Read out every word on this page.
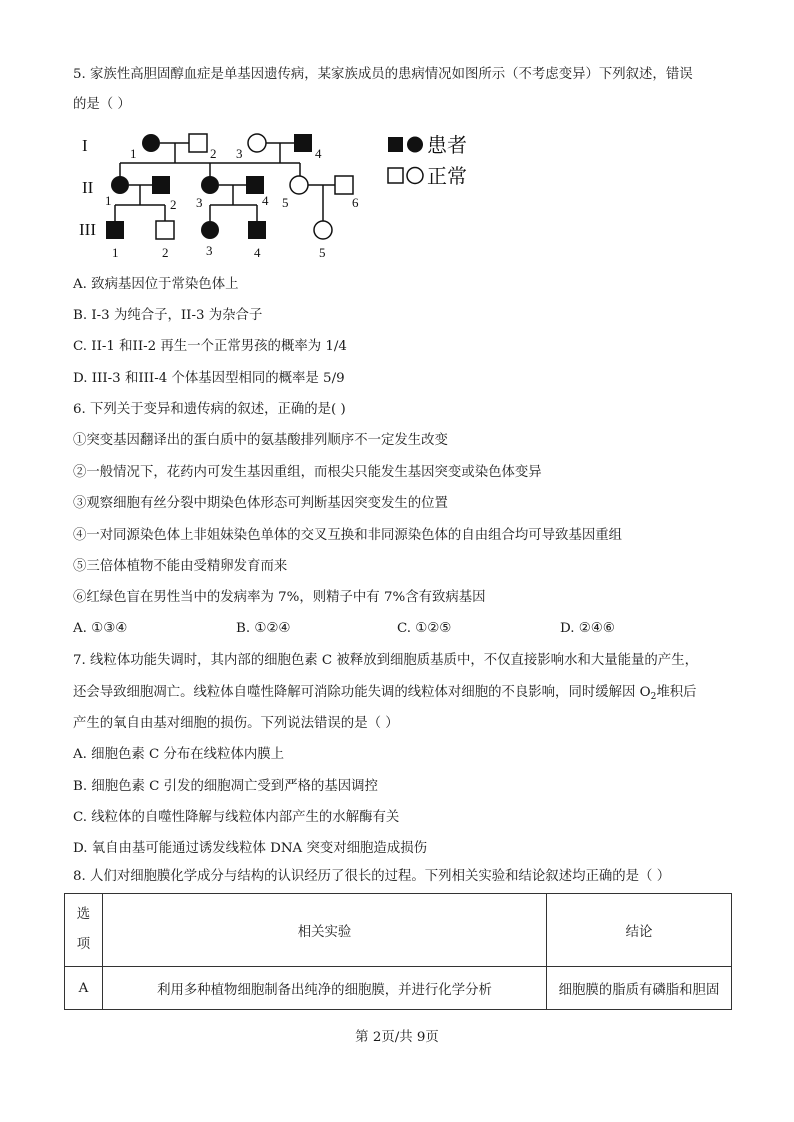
5. 家族性高胆固醇血症是单基因遗传病，某家族成员的患病情况如图所示（不考虑变异）下列叙述，错误
的是（ ）
I
II
III
1	2 3	4
1	2 3	4 5	6
1	2	3	4	5
患者
正常
A. 致病基因位于常染色体上
B. I-3 为纯合子，II-3 为杂合子
C. II-1 和II-2 再生一个正常男孩的概率为 1/4
D. III-3 和III-4 个体基因型相同的概率是 5/9
6. 下列关于变异和遗传病的叙述，正确的是( )
①突变基因翻译出的蛋白质中的氨基酸排列顺序不一定发生改变
②一般情况下，花药内可发生基因重组，而根尖只能发生基因突变或染色体变异
③观察细胞有丝分裂中期染色体形态可判断基因突变发生的位置
④一对同源染色体上非姐妹染色单体的交叉互换和非同源染色体的自由组合均可导致基因重组
⑤三倍体植物不能由受精卵发育而来
⑥红绿色盲在男性当中的发病率为 7%，则精子中有 7%含有致病基因
A. ①③④	B. ①②④	C. ①②⑤	D. ②④⑥
7. 线粒体功能失调时，其内部的细胞色素 C 被释放到细胞质基质中，不仅直接影响水和大量能量的产生，
还会导致细胞凋亡。线粒体自噬性降解可消除功能失调的线粒体对细胞的不良影响，同时缓解因 $O_2$堆积后
产生的氧自由基对细胞的损伤。下列说法错误的是（ ）
A. 细胞色素 C 分布在线粒体内膜上
B. 细胞色素 C 引发的细胞凋亡受到严格的基因调控
C. 线粒体的自噬性降解与线粒体内部产生的水解酶有关
D. 氧自由基可能通过诱发线粒体 DNA 突变对细胞造成损伤
8. 人们对细胞膜化学成分与结构的认识经历了很长的过程。下列相关实验和结论叙述均正确的是（ ）
选
项	相关实验	结论
A	利用多种植物细胞制备出纯净的细胞膜，并进行化学分析	细胞膜的脂质有磷脂和胆固
第 2页/共 9页
